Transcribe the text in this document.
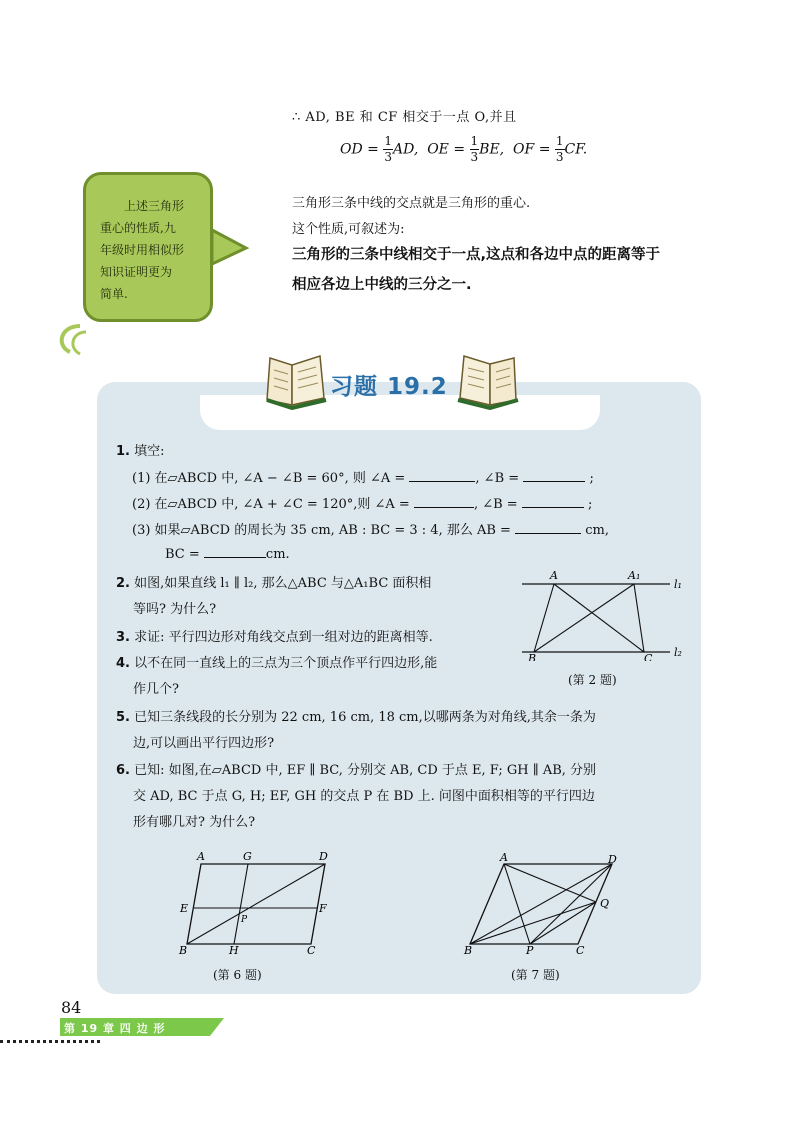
∴ AD, BE 和 CF 相交于一点 O,并且
OD = $\frac{1}{3}$ AD, OE = $\frac{1}{3}$ BE, OF = $\frac{1}{3}$ CF.
三角形三条中线的交点就是三角形的重心.
这个性质,可叙述为:
三角形的三条中线相交于一点,这点和各边中点的距离等于
相应各边上中线的三分之一.
上述三角形
重心的性质,九
年级时用相似形
知识证明更为
简单.
习题 19.2
1. 填空:
(1) 在▱ABCD 中, ∠A − ∠B = 60°, 则 ∠A =	, ∠B =	;
(2) 在▱ABCD 中, ∠A + ∠C = 120°,则 ∠A =	, ∠B =	;
(3) 如果▱ABCD 的周长为 35 cm, AB : BC = 3 : 4, 那么 AB =	cm,
BC =	cm.
2. 如图,如果直线 l₁ ∥ l₂, 那么△ABC 与△A₁BC 面积相
等吗? 为什么?
3. 求证: 平行四边形对角线交点到一组对边的距离相等.
4. 以不在同一直线上的三点为三个顶点作平行四边形,能
作几个?
A	A₁
l₁
l₂
B	C
(第 2 题)
5. 已知三条线段的长分别为 22 cm, 16 cm, 18 cm,以哪两条为对角线,其余一条为
边,可以画出平行四边形?
6. 已知: 如图,在▱ABCD 中, EF ∥ BC, 分别交 AB, CD 于点 E, F; GH ∥ AB, 分别
交 AD, BC 于点 G, H; EF, GH 的交点 P 在 BD 上. 问图中面积相等的平行四边
形有哪几对? 为什么?
A	G	D
E	F
P
B	H	C
(第 6 题)
A	D
Q
B	P	C
(第 7 题)
84
第 19 章 四 边 形
